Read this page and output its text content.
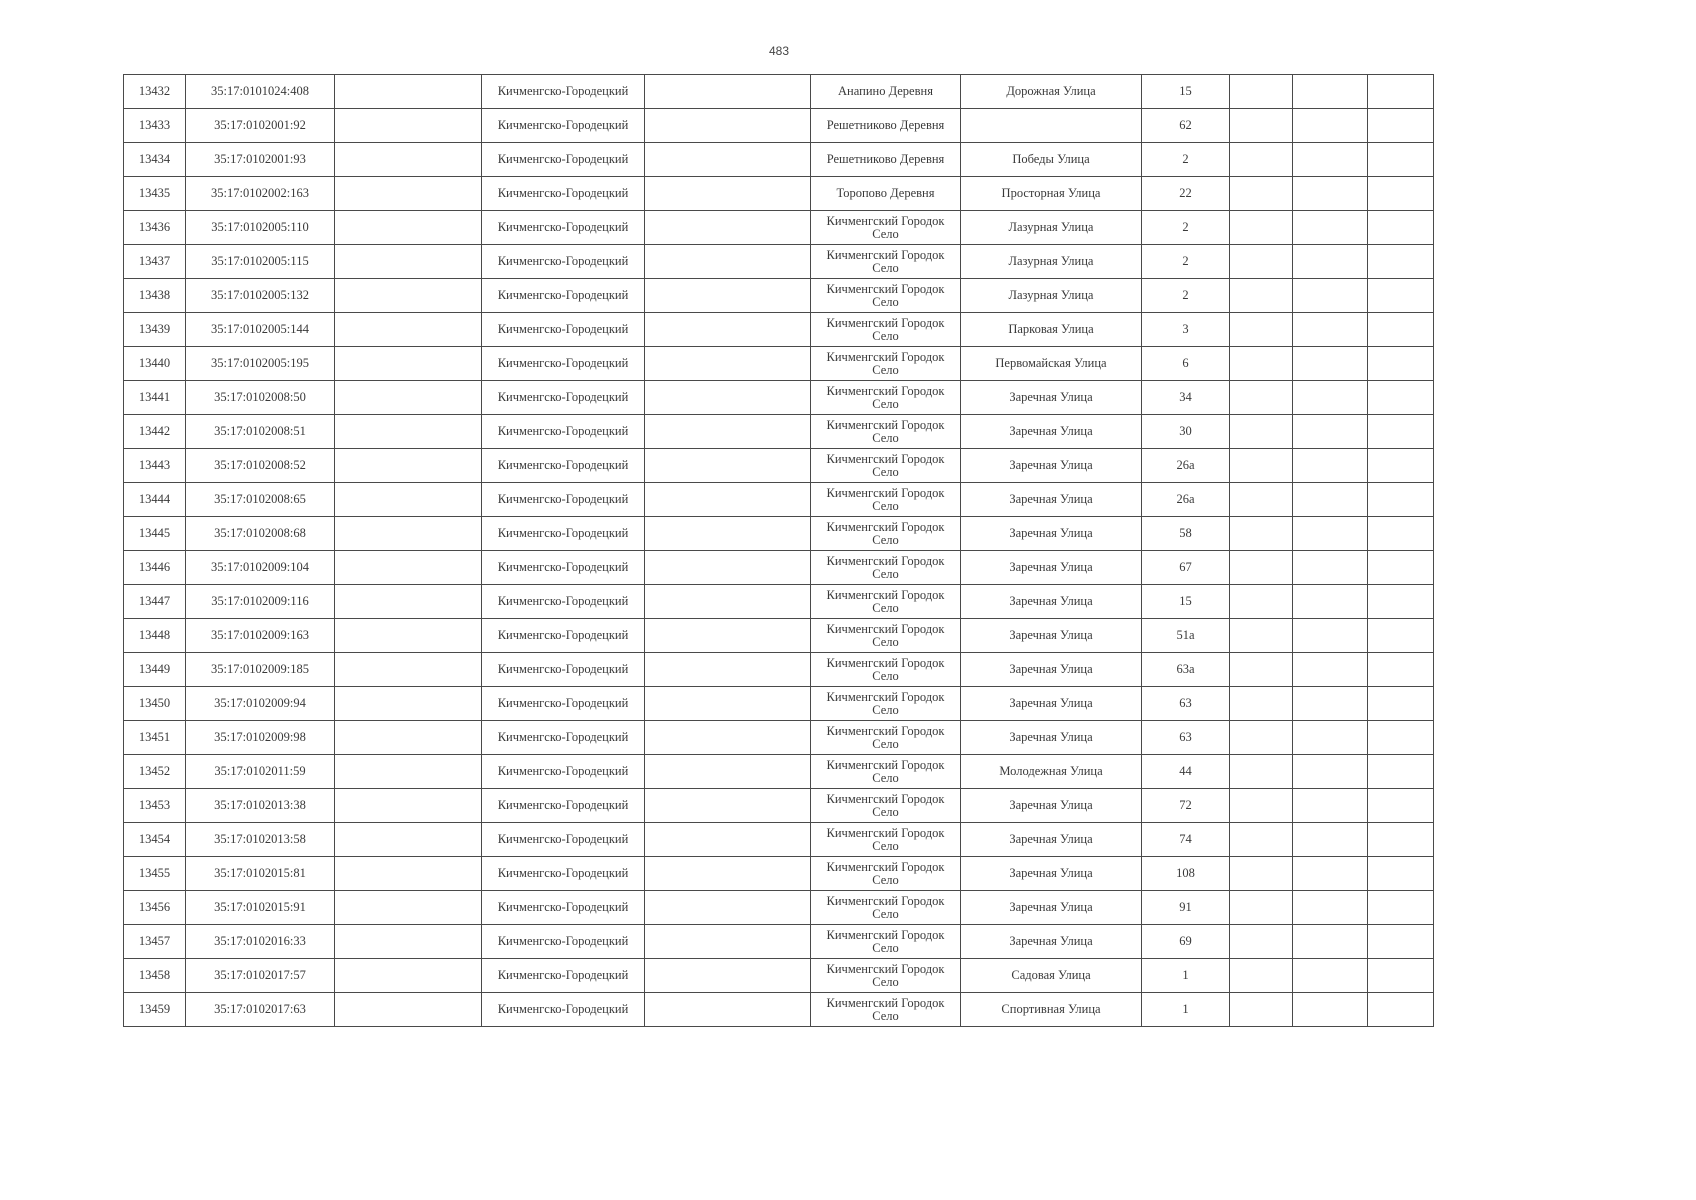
483
13432	35:17:0101024:408		Кичменгско-Городецкий		Анапино Деревня	Дорожная Улица	15			
13433	35:17:0102001:92		Кичменгско-Городецкий		Решетниково Деревня		62			
13434	35:17:0102001:93		Кичменгско-Городецкий		Решетниково Деревня	Победы Улица	2			
13435	35:17:0102002:163		Кичменгско-Городецкий		Торопово Деревня	Просторная Улица	22			
13436	35:17:0102005:110		Кичменгско-Городецкий		Кичменгский Городок Село	Лазурная Улица	2			
13437	35:17:0102005:115		Кичменгско-Городецкий		Кичменгский Городок Село	Лазурная Улица	2			
13438	35:17:0102005:132		Кичменгско-Городецкий		Кичменгский Городок Село	Лазурная Улица	2			
13439	35:17:0102005:144		Кичменгско-Городецкий		Кичменгский Городок Село	Парковая Улица	3			
13440	35:17:0102005:195		Кичменгско-Городецкий		Кичменгский Городок Село	Первомайская Улица	6			
13441	35:17:0102008:50		Кичменгско-Городецкий		Кичменгский Городок Село	Заречная Улица	34			
13442	35:17:0102008:51		Кичменгско-Городецкий		Кичменгский Городок Село	Заречная Улица	30			
13443	35:17:0102008:52		Кичменгско-Городецкий		Кичменгский Городок Село	Заречная Улица	26а			
13444	35:17:0102008:65		Кичменгско-Городецкий		Кичменгский Городок Село	Заречная Улица	26а			
13445	35:17:0102008:68		Кичменгско-Городецкий		Кичменгский Городок Село	Заречная Улица	58			
13446	35:17:0102009:104		Кичменгско-Городецкий		Кичменгский Городок Село	Заречная Улица	67			
13447	35:17:0102009:116		Кичменгско-Городецкий		Кичменгский Городок Село	Заречная Улица	15			
13448	35:17:0102009:163		Кичменгско-Городецкий		Кичменгский Городок Село	Заречная Улица	51а			
13449	35:17:0102009:185		Кичменгско-Городецкий		Кичменгский Городок Село	Заречная Улица	63а			
13450	35:17:0102009:94		Кичменгско-Городецкий		Кичменгский Городок Село	Заречная Улица	63			
13451	35:17:0102009:98		Кичменгско-Городецкий		Кичменгский Городок Село	Заречная Улица	63			
13452	35:17:0102011:59		Кичменгско-Городецкий		Кичменгский Городок Село	Молодежная Улица	44			
13453	35:17:0102013:38		Кичменгско-Городецкий		Кичменгский Городок Село	Заречная Улица	72			
13454	35:17:0102013:58		Кичменгско-Городецкий		Кичменгский Городок Село	Заречная Улица	74			
13455	35:17:0102015:81		Кичменгско-Городецкий		Кичменгский Городок Село	Заречная Улица	108			
13456	35:17:0102015:91		Кичменгско-Городецкий		Кичменгский Городок Село	Заречная Улица	91			
13457	35:17:0102016:33		Кичменгско-Городецкий		Кичменгский Городок Село	Заречная Улица	69			
13458	35:17:0102017:57		Кичменгско-Городецкий		Кичменгский Городок Село	Садовая Улица	1			
13459	35:17:0102017:63		Кичменгско-Городецкий		Кичменгский Городок Село	Спортивная Улица	1			
